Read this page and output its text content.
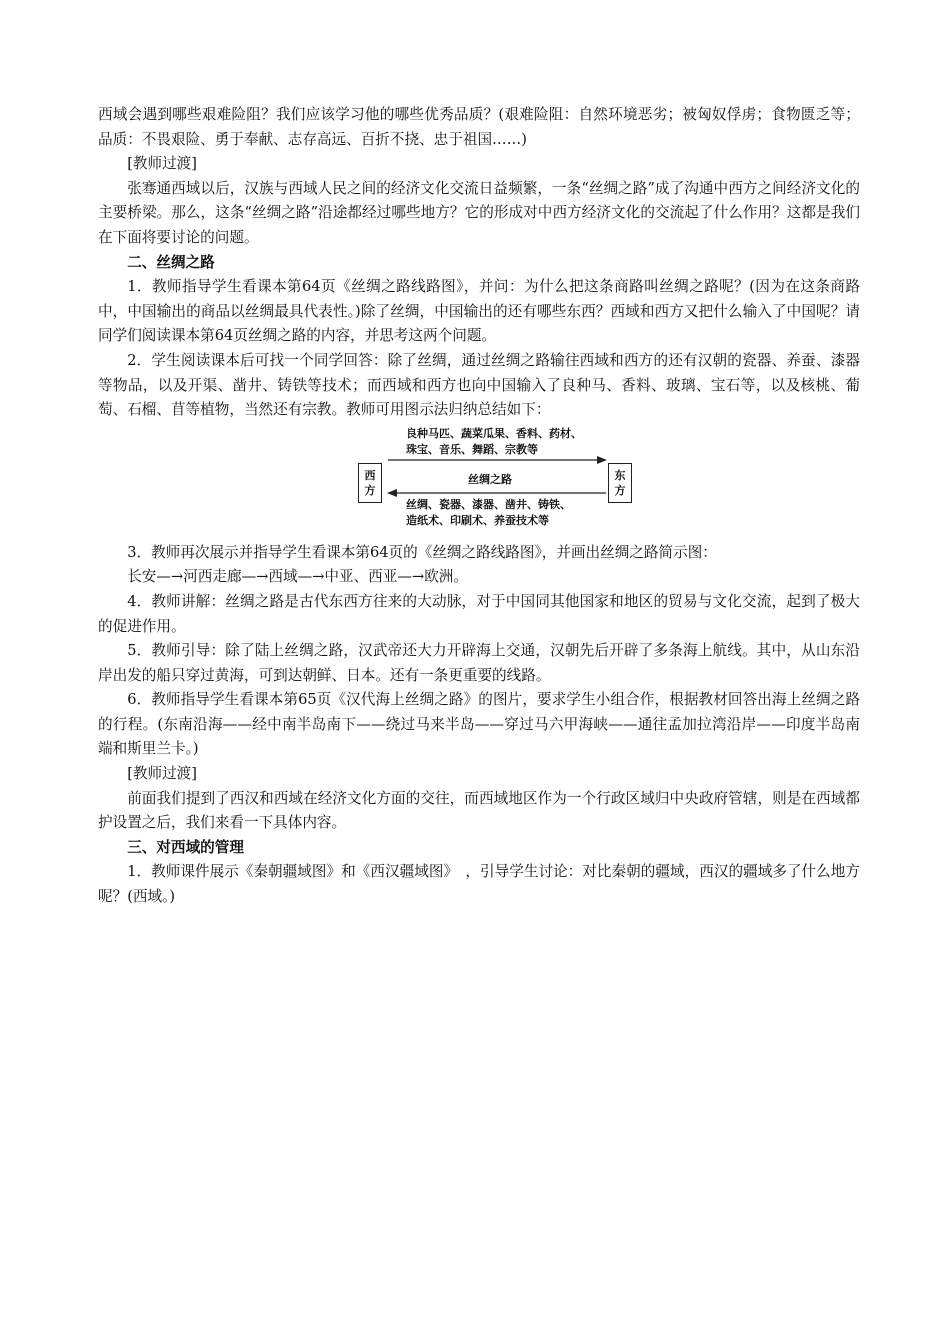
西域会遇到哪些艰难险阻？我们应该学习他的哪些优秀品质？(艰难险阻：自然环境恶劣；被匈奴俘虏；食物匮乏等；品质：不畏艰险、勇于奉献、志存高远、百折不挠、忠于祖国……)

[教师过渡]

张骞通西域以后，汉族与西域人民之间的经济文化交流日益频繁，一条“丝绸之路”成了沟通中西方之间经济文化的主要桥梁。那么，这条“丝绸之路”沿途都经过哪些地方？它的形成对中西方经济文化的交流起了什么作用？这都是我们在下面将要讨论的问题。

二、丝绸之路

1．教师指导学生看课本第64页《丝绸之路线路图》，并问：为什么把这条商路叫丝绸之路呢？(因为在这条商路中，中国输出的商品以丝绸最具代表性。)除了丝绸，中国输出的还有哪些东西？西域和西方又把什么输入了中国呢？请同学们阅读课本第64页丝绸之路的内容，并思考这两个问题。

2．学生阅读课本后可找一个同学回答：除了丝绸，通过丝绸之路输往西域和西方的还有汉朝的瓷器、养蚕、漆器等物品，以及开渠、凿井、铸铁等技术；而西域和西方也向中国输入了良种马、香料、玻璃、宝石等，以及核桃、葡萄、石榴、苜等植物，当然还有宗教。教师可用图示法归纳总结如下：

西
方
东
方
良种马匹、蔬菜瓜果、香料、药材、
珠宝、音乐、舞蹈、宗教等
丝绸之路
丝绸、瓷器、漆器、凿井、铸铁、
造纸术、印刷术、养蚕技术等

3．教师再次展示并指导学生看课本第64页的《丝绸之路线路图》，并画出丝绸之路简示图：

长安—→河西走廊—→西域—→中亚、西亚—→欧洲。

4．教师讲解：丝绸之路是古代东西方往来的大动脉，对于中国同其他国家和地区的贸易与文化交流，起到了极大的促进作用。

5．教师引导：除了陆上丝绸之路，汉武帝还大力开辟海上交通，汉朝先后开辟了多条海上航线。其中，从山东沿岸出发的船只穿过黄海，可到达朝鲜、日本。还有一条更重要的线路。

6．教师指导学生看课本第65页《汉代海上丝绸之路》的图片，要求学生小组合作，根据教材回答出海上丝绸之路的行程。(东南沿海——经中南半岛南下——绕过马来半岛——穿过马六甲海峡——通往孟加拉湾沿岸——印度半岛南端和斯里兰卡。)

[教师过渡]

前面我们提到了西汉和西域在经济文化方面的交往，而西域地区作为一个行政区域归中央政府管辖，则是在西域都护设置之后，我们来看一下具体内容。

三、对西域的管理

1．教师课件展示《秦朝疆域图》和《西汉疆域图》　，引导学生讨论：对比秦朝的疆域，西汉的疆域多了什么地方呢？(西域。)
